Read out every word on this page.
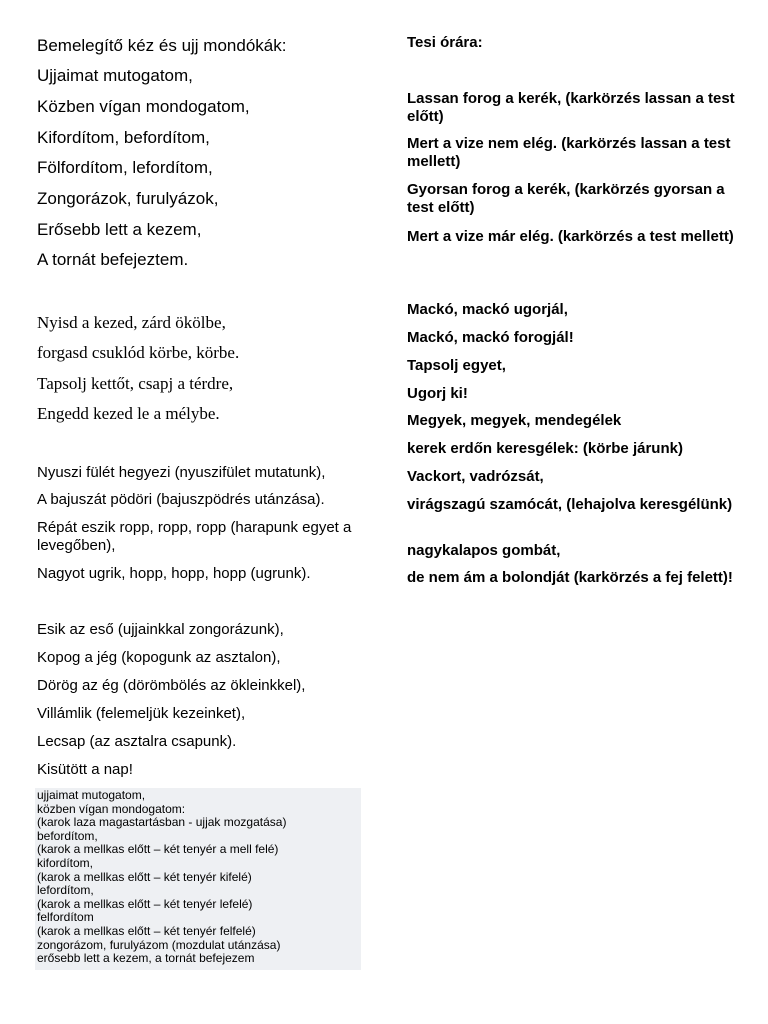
Bemelegítő kéz és ujj mondókák:
Ujjaimat mutogatom,
Közben vígan mondogatom,
Kifordítom, befordítom,
Fölfordítom, lefordítom,
Zongorázok, furulyázok,
Erősebb lett a kezem,
A tornát befejeztem.
Nyisd a kezed, zárd ökölbe,
forgasd csuklód körbe, körbe.
Tapsolj kettőt, csapj a térdre,
Engedd kezed le a mélybe.
Nyuszi fülét hegyezi (nyuszifület mutatunk),
A bajuszát pödöri (bajuszpödrés utánzása).
Répát eszik ropp, ropp, ropp (harapunk egyet a levegőben),
Nagyot ugrik, hopp, hopp, hopp (ugrunk).
Esik az eső (ujjainkkal zongorázunk),
Kopog a jég (kopogunk az asztalon),
Dörög az ég (dörömbölés az ökleinkkel),
Villámlik (felemeljük kezeinket),
Lecsap (az asztalra csapunk).
Kisütött a nap!
ujjaimat mutogatom,
közben vígan mondogatom:
(karok laza magastartásban - ujjak mozgatása)
befordítom,
(karok a mellkas előtt – két tenyér a mell felé)
kifordítom,
(karok a mellkas előtt – két tenyér kifelé)
lefordítom,
(karok a mellkas előtt – két tenyér lefelé)
felfordítom
(karok a mellkas előtt – két tenyér felfelé)
zongorázom, furulyázom (mozdulat utánzása)
erősebb lett a kezem, a tornát befejezem
Tesi órára:
Lassan forog a kerék, (karkörzés lassan a test előtt)
Mert a vize nem elég. (karkörzés lassan a test mellett)
Gyorsan forog a kerék, (karkörzés gyorsan a test előtt)
Mert a vize már elég. (karkörzés a test mellett)
Mackó, mackó ugorjál,
Mackó, mackó forogjál!
Tapsolj egyet,
Ugorj ki!
Megyek, megyek, mendegélek
kerek erdőn keresgélek: (körbe járunk)
Vackort, vadrózsát,
virágszagú szamócát, (lehajolva keresgélünk)
nagykalapos gombát,
de nem ám a bolondját (karkörzés a fej felett)!
